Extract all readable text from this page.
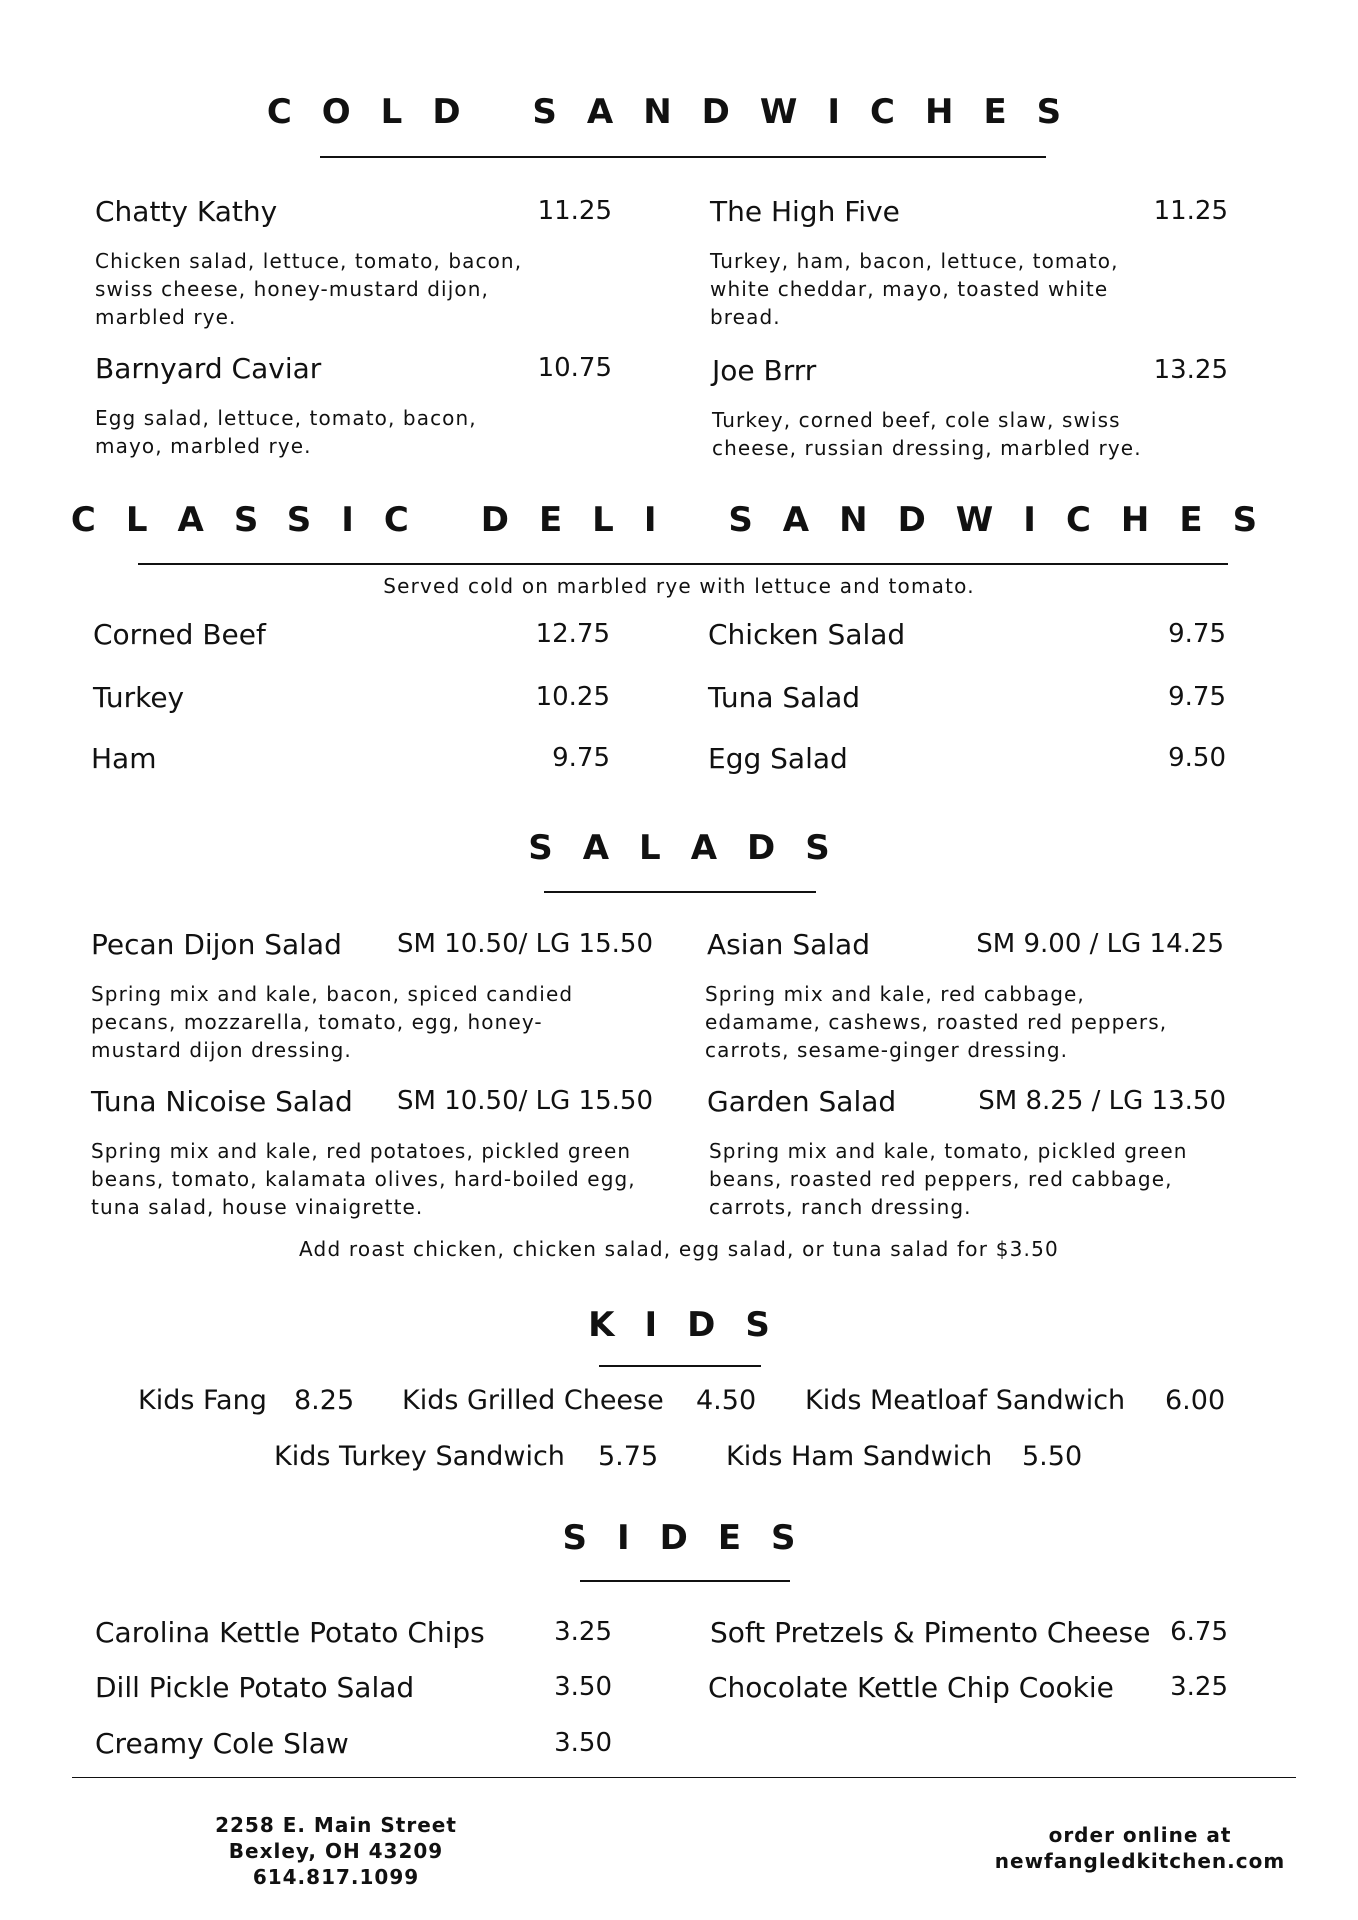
COLD SANDWICHES
Chatty Kathy	11.25
Chicken salad, lettuce, tomato, bacon, swiss cheese, honey-mustard dijon, marbled rye.
The High Five	11.25
Turkey, ham, bacon, lettuce, tomato, white cheddar, mayo, toasted white bread.
Barnyard Caviar	10.75
Egg salad, lettuce, tomato, bacon, mayo, marbled rye.
Joe Brrr	13.25
Turkey, corned beef, cole slaw, swiss cheese, russian dressing, marbled rye.
CLASSIC DELI SANDWICHES
Served cold on marbled rye with lettuce and tomato.
Corned Beef	12.75	Chicken Salad	9.75
Turkey	10.25	Tuna Salad	9.75
Ham	9.75	Egg Salad	9.50
SALADS
Pecan Dijon Salad	SM 10.50/ LG 15.50
Spring mix and kale, bacon, spiced candied pecans, mozzarella, tomato, egg, honey-mustard dijon dressing.
Asian Salad	SM 9.00 / LG 14.25
Spring mix and kale, red cabbage, edamame, cashews, roasted red peppers, carrots, sesame-ginger dressing.
Tuna Nicoise Salad	SM 10.50/ LG 15.50
Spring mix and kale, red potatoes, pickled green beans, tomato, kalamata olives, hard-boiled egg, tuna salad, house vinaigrette.
Garden Salad	SM 8.25 / LG 13.50
Spring mix and kale, tomato, pickled green beans, roasted red peppers, red cabbage, carrots, ranch dressing.
Add roast chicken, chicken salad, egg salad, or tuna salad for $3.50
KIDS
Kids Fang 8.25 Kids Grilled Cheese 4.50 Kids Meatloaf Sandwich 6.00
Kids Turkey Sandwich 5.75	Kids Ham Sandwich 5.50
SIDES
Carolina Kettle Potato Chips	3.25	Soft Pretzels & Pimento Cheese 6.75
Dill Pickle Potato Salad	3.50	Chocolate Kettle Chip Cookie	3.25
Creamy Cole Slaw	3.50
2258 E. Main Street
Bexley, OH 43209
614.817.1099
order online at
newfangledkitchen.com
